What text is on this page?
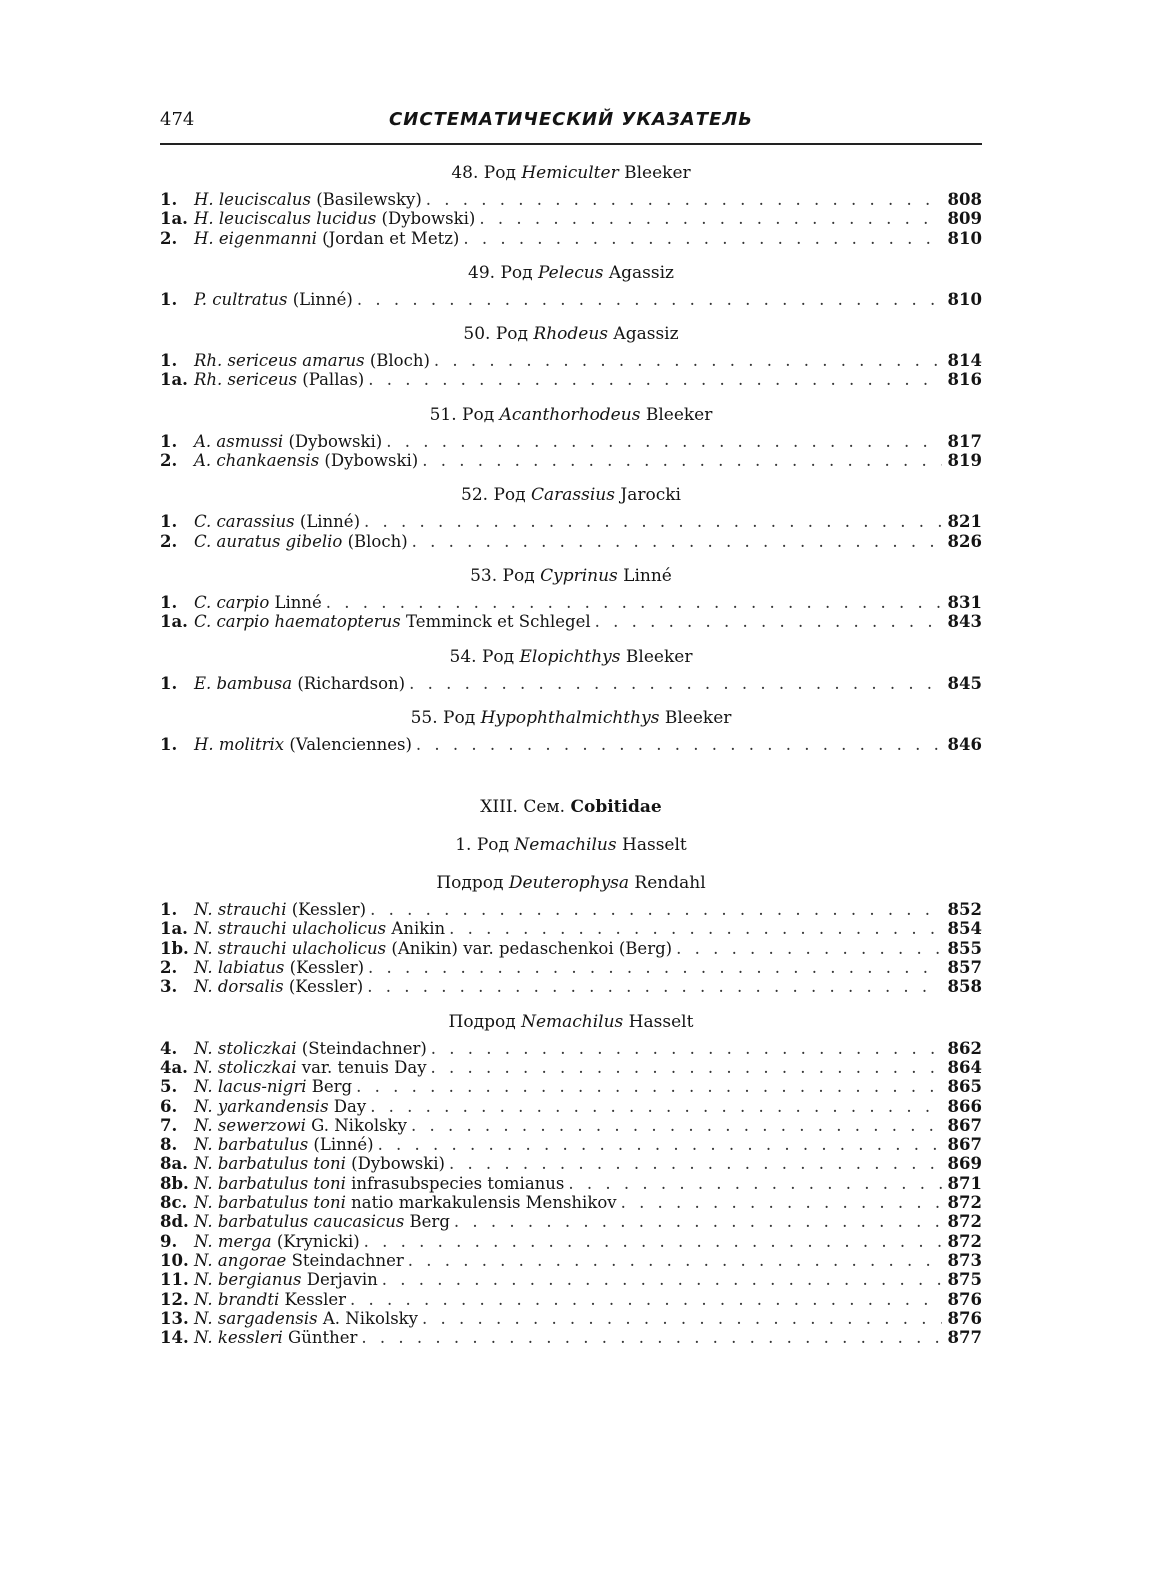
474	СИСТЕМАТИЧЕСКИЙ УКАЗАТЕЛЬ
48. Род Hemiculter Bleeker
1.	H. leuciscalus (Basilewsky) . . .	808
1a. H. leuciscalus lucidus (Dybowski) . . .	809
2.	H. eigenmanni (Jordan et Metz) . . .	810
49. Род Pelecus Agassiz
1.	P. cultratus (Linné) . . .	810
50. Род Rhodeus Agassiz
1.	Rh. sericeus amarus (Bloch) . . .	814
1a. Rh. sericeus (Pallas) . . .	816
51. Род Acanthorhodeus Bleeker
1.	A. asmussi (Dybowski) . . .	817
2.	A. chankaensis (Dybowski) . . .	819
52. Род Carassius Jarocki
1.	C. carassius (Linné) . . .	821
2.	C. auratus gibelio (Bloch) . . .	826
53. Род Cyprinus Linné
1.	C. carpio Linné . . .	831
1a. C. carpio haematopterus Temminck et Schlegel . . .	843
54. Род Elopichthys Bleeker
1.	E. bambusa (Richardson) . . .	845
55. Род Hypophthalmichthys Bleeker
1.	H. molitrix (Valenciennes) . . .	846
XIII. Сем. Cobitidae
1. Род Nemachilus Hasselt
Подрод Deuterophysa Rendahl
1.	N. strauchi (Kessler) . . .	852
1a. N. strauchi ulacholicus Anikin . . .	854
1b. N. strauchi ulacholicus (Anikin) var. pedaschenkoi (Berg) . . .	855
2.	N. labiatus (Kessler) . . .	857
3.	N. dorsalis (Kessler) . . .	858
Подрод Nemachilus Hasselt
4.	N. stoliczkai (Steindachner) . . .	862
4a. N. stoliczkai var. tenuis Day . . .	864
5.	N. lacus-nigri Berg . . .	865
6.	N. yarkandensis Day . . .	866
7.	N. sewerzowi G. Nikolsky . . .	867
8.	N. barbatulus (Linné) . . .	867
8a. N. barbatulus toni (Dybowski) . . .	869
8b. N. barbatulus toni infrasubspecies tomianus . . .	871
8c. N. barbatulus toni natio markakulensis Menshikov . . .	872
8d. N. barbatulus caucasicus Berg . . .	872
9.	N. merga (Krynicki) . . .	872
10. N. angorae Steindachner . . .	873
11. N. bergianus Derjavin . . .	875
12. N. brandti Kessler . . .	876
13. N. sargadensis A. Nikolsky . . .	876
14. N. kessleri Günther . . .	877
